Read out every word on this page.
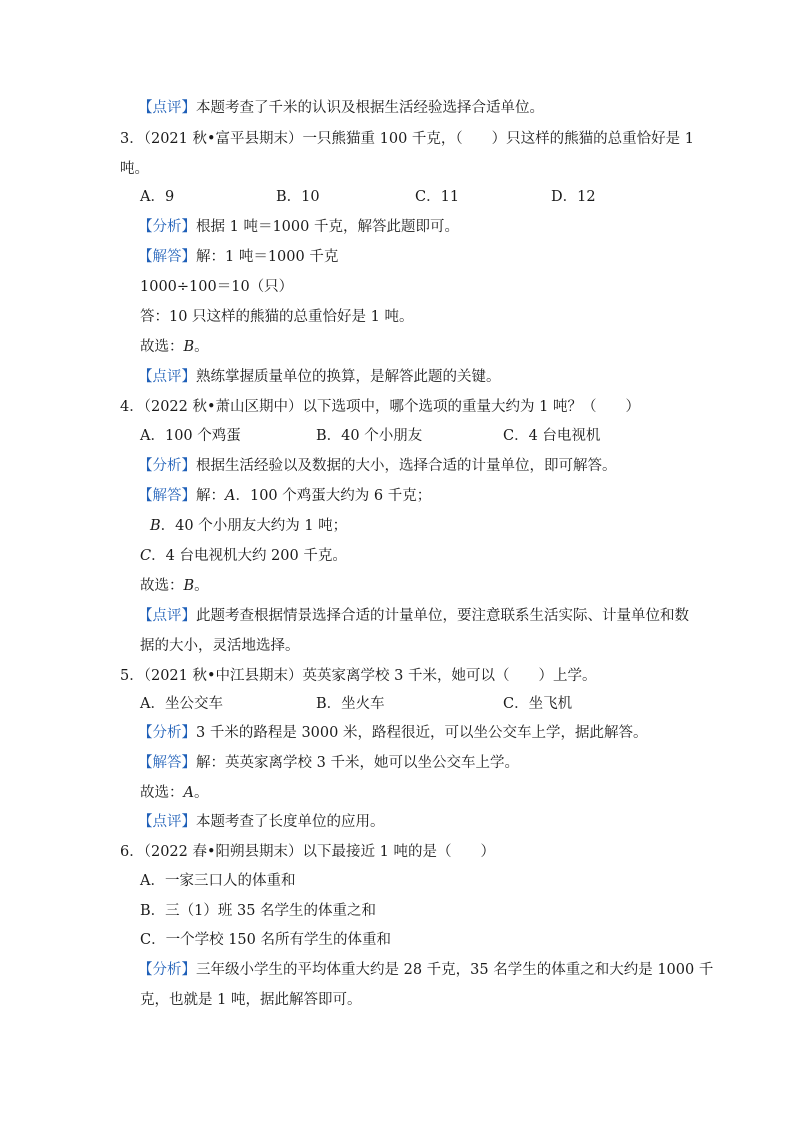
【点评】本题考查了千米的认识及根据生活经验选择合适单位。
3．（2021 秋•富平县期末）一只熊猫重 100 千克，（　　）只这样的熊猫的总重恰好是 1
吨。
A．9	B．10	C．11	D．12
【分析】根据 1 吨＝1000 千克，解答此题即可。
【解答】解：1 吨＝1000 千克
1000÷100＝10（只）
答：10 只这样的熊猫的总重恰好是 1 吨。
故选：B。
【点评】熟练掌握质量单位的换算，是解答此题的关键。
4．（2022 秋•萧山区期中）以下选项中，哪个选项的重量大约为 1 吨？（　　）
A．100 个鸡蛋	B．40 个小朋友	C．4 台电视机
【分析】根据生活经验以及数据的大小，选择合适的计量单位，即可解答。
【解答】解：A．100 个鸡蛋大约为 6 千克；
B．40 个小朋友大约为 1 吨；
C．4 台电视机大约 200 千克。
故选：B。
【点评】此题考查根据情景选择合适的计量单位，要注意联系生活实际、计量单位和数
据的大小，灵活地选择。
5．（2021 秋•中江县期末）英英家离学校 3 千米，她可以（　　）上学。
A．坐公交车	B．坐火车	C．坐飞机
【分析】3 千米的路程是 3000 米，路程很近，可以坐公交车上学，据此解答。
【解答】解：英英家离学校 3 千米，她可以坐公交车上学。
故选：A。
【点评】本题考查了长度单位的应用。
6．（2022 春•阳朔县期末）以下最接近 1 吨的是（　　）
A．一家三口人的体重和
B．三（1）班 35 名学生的体重之和
C．一个学校 150 名所有学生的体重和
【分析】三年级小学生的平均体重大约是 28 千克，35 名学生的体重之和大约是 1000 千
克，也就是 1 吨，据此解答即可。
